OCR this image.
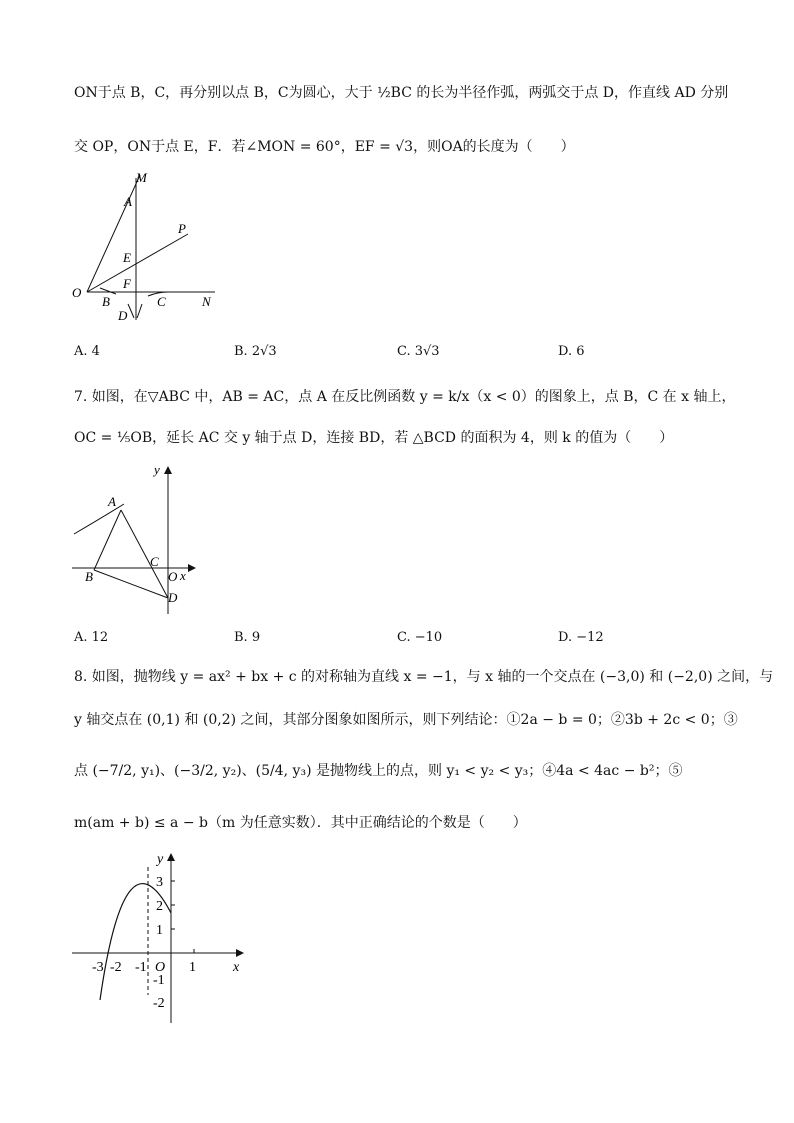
ON于点 B，C，再分别以点 B，C为圆心，大于 ½BC 的长为半径作弧，两弧交于点 D，作直线 AD 分别
交 OP，ON于点 E，F．若∠MON = 60°，EF = √3，则OA的长度为（　　）
M
A
P
E
F
O
B	C	N
D
A. 4	B. 2√3	C. 3√3	D. 6
7. 如图，在▽ABC 中，AB = AC，点 A 在反比例函数 y = k/x（x < 0）的图象上，点 B，C 在 x 轴上，
OC = ⅕OB，延长 AC 交 y 轴于点 D，连接 BD，若 △BCD 的面积为 4，则 k 的值为（　　）
y
A
C
B	O x
D
A. 12	B. 9	C. −10	D. −12
8. 如图，抛物线 y = ax² + bx + c 的对称轴为直线 x = −1，与 x 轴的一个交点在 (−3,0) 和 (−2,0) 之间，与
y 轴交点在 (0,1) 和 (0,2) 之间，其部分图象如图所示，则下列结论：①2a − b = 0；②3b + 2c < 0；③
点 (−7/2, y₁)、(−3/2, y₂)、(5/4, y₃) 是抛物线上的点，则 y₁ < y₂ < y₃；④4a < 4ac − b²；⑤
m(am + b) ≤ a − b（m 为任意实数）．其中正确结论的个数是（　　）
y
3
2
1
-3 -2 -1 O 1	x
-1
-2
